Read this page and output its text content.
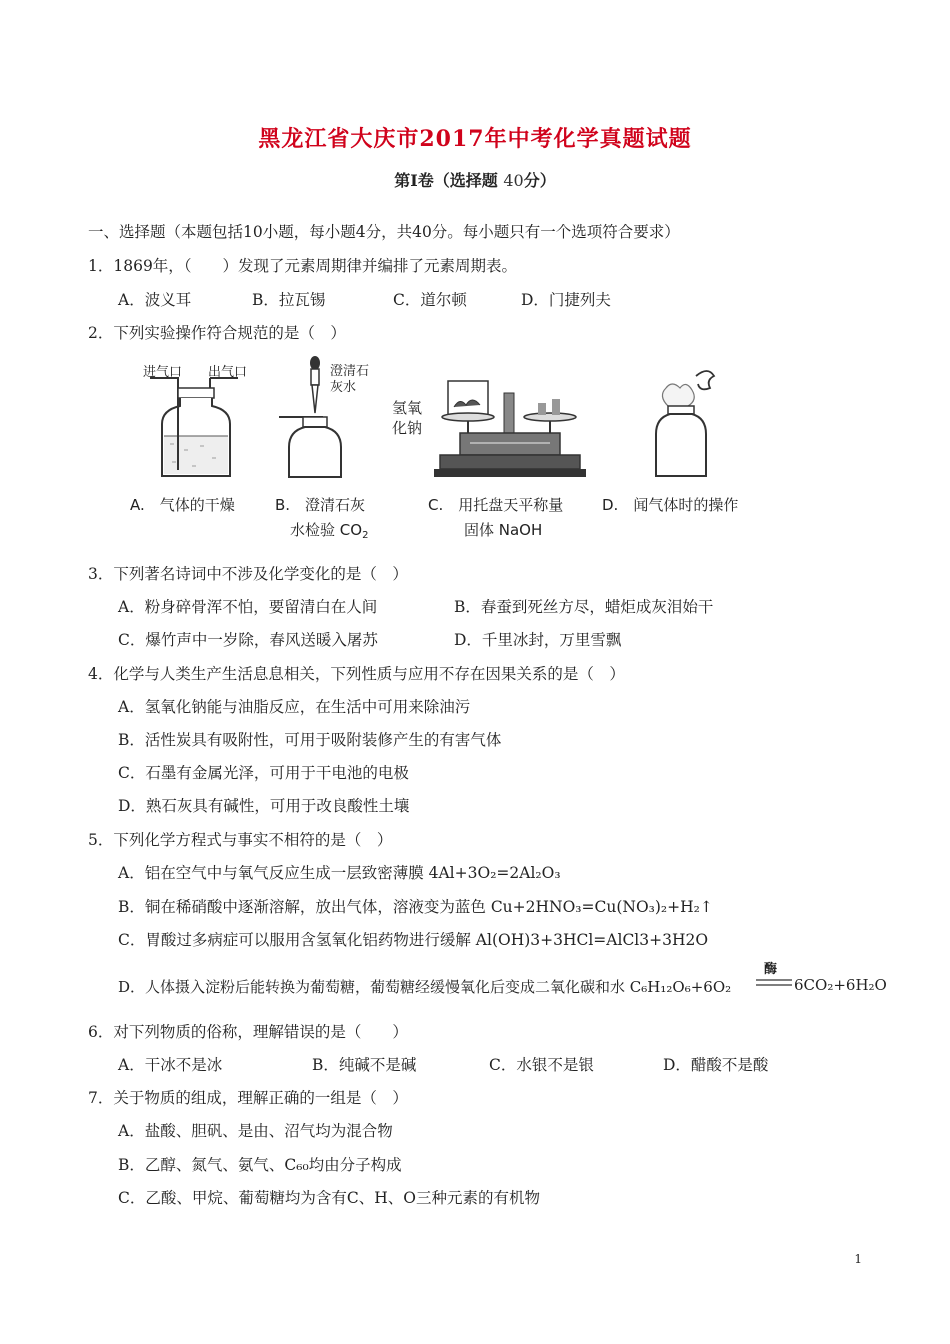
黑龙江省大庆市2017年中考化学真题试题
第Ⅰ卷（选择题 40分）
一、选择题（本题包括10小题，每小题4分，共40分。每小题只有一个选项符合要求）
1．1869年，（　　）发现了元素周期律并编排了元素周期表。
A．波义耳	B．拉瓦锡	C．道尔顿	D．门捷列夫
2．下列实验操作符合规范的是（　）
进气口 出气口	澄清石灰水
氢氧化钠
A.　气体的干燥	B.　澄清石灰
水检验 $CO_2$
C.　用托盘天平称量
固体 NaOH
D.　闻气体时的操作
3．下列著名诗词中不涉及化学变化的是（　）
A．粉身碎骨浑不怕，要留清白在人间	B．春蚕到死丝方尽，蜡炬成灰泪始干
C．爆竹声中一岁除，春风送暖入屠苏	D．千里冰封，万里雪飘
4．化学与人类生产生活息息相关，下列性质与应用不存在因果关系的是（　）
A．氢氧化钠能与油脂反应，在生活中可用来除油污
B．活性炭具有吸附性，可用于吸附装修产生的有害气体
C．石墨有金属光泽，可用于干电池的电极
D．熟石灰具有碱性，可用于改良酸性土壤
5．下列化学方程式与事实不相符的是（　）
A．铝在空气中与氧气反应生成一层致密薄膜 4Al+3O₂=2Al₂O₃
B．铜在稀硝酸中逐渐溶解，放出气体，溶液变为蓝色 Cu+2HNO₃=Cu(NO₃)₂+H₂↑
C．胃酸过多病症可以服用含氢氧化铝药物进行缓解 Al(OH)3+3HCl=AlCl3+3H2O
D．人体摄入淀粉后能转换为葡萄糖，葡萄糖经缓慢氧化后变成二氧化碳和水 C₆H₁₂O₆+6O₂
酶
6CO₂+6H₂O
6．对下列物质的俗称，理解错误的是（　　）
A．干冰不是冰	B．纯碱不是碱	C．水银不是银	D．醋酸不是酸
7．关于物质的组成，理解正确的一组是（　）
A．盐酸、胆矾、是由、沼气均为混合物
B．乙醇、氮气、氨气、C₆₀均由分子构成
C．乙酸、甲烷、葡萄糖均为含有C、H、O三种元素的有机物
1
